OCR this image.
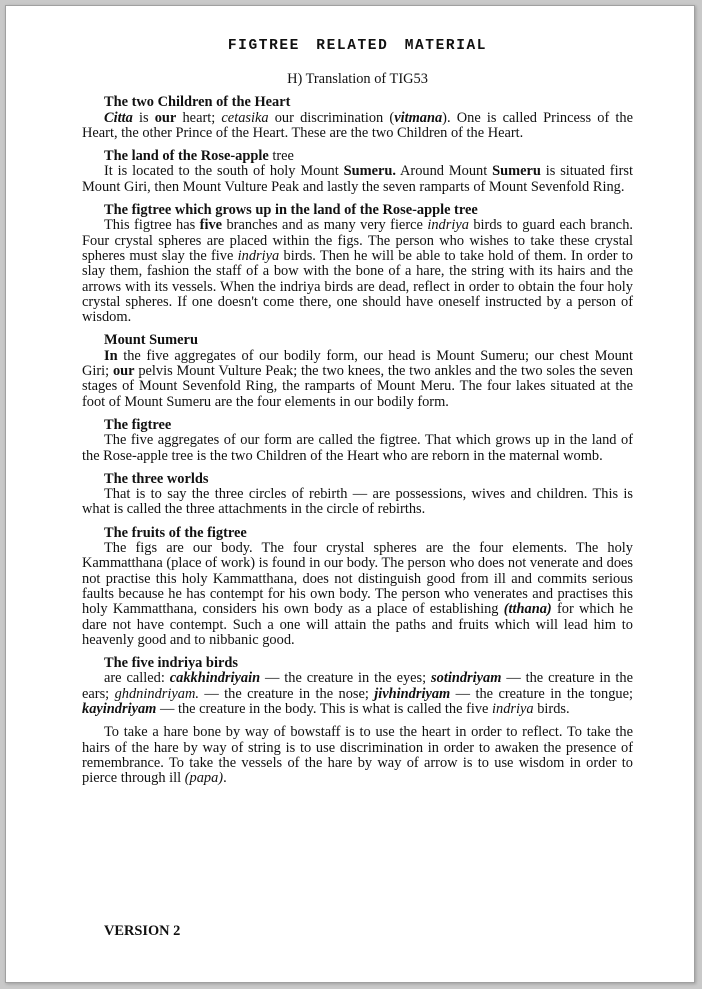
FIGTREE RELATED MATERIAL
H) Translation of TIG53
The two Children of the Heart

Citta is our heart; cetasika our discrimination (vitmana). One is called Princess of the Heart, the other Prince of the Heart. These are the two Children of the Heart.

The land of the Rose-apple tree

It is located to the south of holy Mount Sumeru. Around Mount Sumeru is situated first Mount Giri, then Mount Vulture Peak and lastly the seven ramparts of Mount Sevenfold Ring.

The figtree which grows up in the land of the Rose-apple tree

This figtree has five branches and as many very fierce indriya birds to guard each branch. Four crystal spheres are placed within the figs. The person who wishes to take these crystal spheres must slay the five indriya birds. Then he will be able to take hold of them. In order to slay them, fashion the staff of a bow with the bone of a hare, the string with its hairs and the arrows with its vessels. When the indriya birds are dead, reflect in order to obtain the four holy crystal spheres. If one doesn't come there, one should have oneself instructed by a person of wisdom.

Mount Sumeru

In the five aggregates of our bodily form, our head is Mount Sumeru; our chest Mount Giri; our pelvis Mount Vulture Peak; the two knees, the two ankles and the two soles the seven stages of Mount Sevenfold Ring, the ramparts of Mount Meru. The four lakes situated at the foot of Mount Sumeru are the four elements in our bodily form.

The figtree

The five aggregates of our form are called the figtree. That which grows up in the land of the Rose-apple tree is the two Children of the Heart who are reborn in the maternal womb.

The three worlds

That is to say the three circles of rebirth — are possessions, wives and children. This is what is called the three attachments in the circle of rebirths.

The fruits of the figtree

The figs are our body. The four crystal spheres are the four elements. The holy Kammatthana (place of work) is found in our body. The person who does not venerate and does not practise this holy Kammatthana, does not distinguish good from ill and commits serious faults because he has contempt for his own body. The person who venerates and practises this holy Kammatthana, considers his own body as a place of establishing (tthana) for which he dare not have contempt. Such a one will attain the paths and fruits which will lead him to heavenly good and to nibbanic good.

The five indriya birds

are called: cakkhindriyain — the creature in the eyes; sotindriyam — the creature in the ears; ghdnindriyam. — the creature in the nose; jivhindriyam — the creature in the tongue; kayindriyam — the creature in the body. This is what is called the five indriya birds.

To take a hare bone by way of bowstaff is to use the heart in order to reflect. To take the hairs of the hare by way of string is to use discrimination in order to awaken the presence of remembrance. To take the vessels of the hare by way of arrow is to use wisdom in order to pierce through ill (papa).

VERSION 2
